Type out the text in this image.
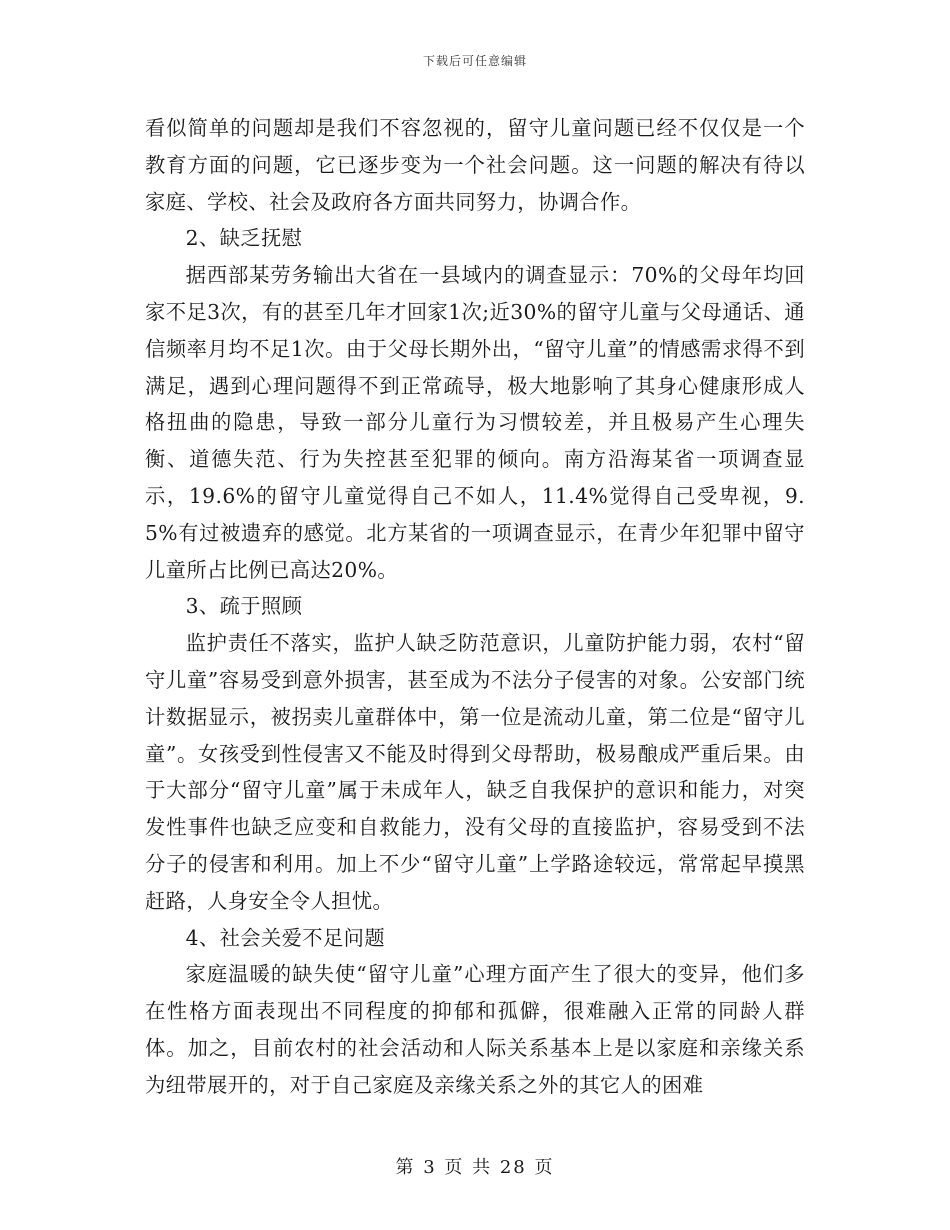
下载后可任意编辑

看似简单的问题却是我们不容忽视的，留守儿童问题已经不仅仅是一个教育方面的问题，它已逐步变为一个社会问题。这一问题的解决有待以家庭、学校、社会及政府各方面共同努力，协调合作。

2、缺乏抚慰

据西部某劳务输出大省在一县域内的调查显示：70%的父母年均回家不足3次，有的甚至几年才回家1次;近30%的留守儿童与父母通话、通信频率月均不足1次。由于父母长期外出，“留守儿童”的情感需求得不到满足，遇到心理问题得不到正常疏导，极大地影响了其身心健康形成人格扭曲的隐患，导致一部分儿童行为习惯较差，并且极易产生心理失衡、道德失范、行为失控甚至犯罪的倾向。南方沿海某省一项调查显示，19.6%的留守儿童觉得自己不如人，11.4%觉得自己受卑视，9.5%有过被遗弃的感觉。北方某省的一项调查显示，在青少年犯罪中留守儿童所占比例已高达20%。

3、疏于照顾

监护责任不落实，监护人缺乏防范意识，儿童防护能力弱，农村“留守儿童”容易受到意外损害，甚至成为不法分子侵害的对象。公安部门统计数据显示，被拐卖儿童群体中，第一位是流动儿童，第二位是“留守儿童”。女孩受到性侵害又不能及时得到父母帮助，极易酿成严重后果。由于大部分“留守儿童”属于未成年人，缺乏自我保护的意识和能力，对突发性事件也缺乏应变和自救能力，没有父母的直接监护，容易受到不法分子的侵害和利用。加上不少“留守儿童”上学路途较远，常常起早摸黑赶路，人身安全令人担忧。

4、社会关爱不足问题

家庭温暖的缺失使“留守儿童”心理方面产生了很大的变异，他们多在性格方面表现出不同程度的抑郁和孤僻，很难融入正常的同龄人群体。加之，目前农村的社会活动和人际关系基本上是以家庭和亲缘关系为纽带展开的，对于自己家庭及亲缘关系之外的其它人的困难

第 3 页 共 28 页
